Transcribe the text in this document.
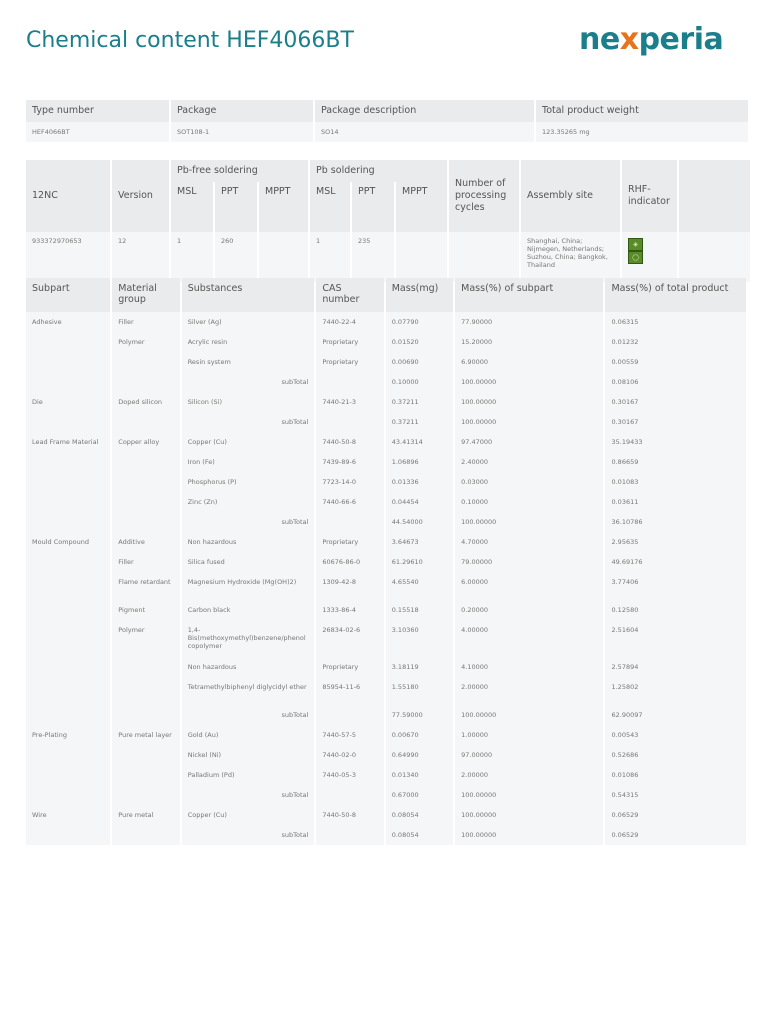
Chemical content HEF4066BT	nexperia
Type number	Package	Package description	Total product weight
HEF4066BT	SOT108-1	SO14	123.35265 mg
12NC	Version	Pb-free soldering			Pb soldering			Number of processing cycles	Assembly site	RHF-indicator	
		MSL	PPT	MPPT	MSL	PPT	MPPT				
933372970653	12	1	260		1	235			Shanghai, China; Nijmegen, Netherlands; Suzhou, China; Bangkok, Thailand	◈◯	
Subpart	Material group	Substances	CAS number	Mass(mg)	Mass(%) of subpart	Mass(%) of total product
Adhesive	Filler	Silver (Ag)	7440-22-4	0.07790	77.90000	0.06315
	Polymer	Acrylic resin	Proprietary	0.01520	15.20000	0.01232
		Resin system	Proprietary	0.00690	6.90000	0.00559
		subTotal		0.10000	100.00000	0.08106
Die	Doped silicon	Silicon (Si)	7440-21-3	0.37211	100.00000	0.30167
		subTotal		0.37211	100.00000	0.30167
Lead Frame Material	Copper alloy	Copper (Cu)	7440-50-8	43.41314	97.47000	35.19433
		Iron (Fe)	7439-89-6	1.06896	2.40000	0.86659
		Phosphorus (P)	7723-14-0	0.01336	0.03000	0.01083
		Zinc (Zn)	7440-66-6	0.04454	0.10000	0.03611
		subTotal		44.54000	100.00000	36.10786
Mould Compound	Additive	Non hazardous	Proprietary	3.64673	4.70000	2.95635
	Filler	Silica fused	60676-86-0	61.29610	79.00000	49.69176
	Flame retardant	Magnesium Hydroxide (Mg(OH)2)	1309-42-8	4.65540	6.00000	3.77406
	Pigment	Carbon black	1333-86-4	0.15518	0.20000	0.12580
	Polymer	1,4-Bis(methoxymethyl)benzene/phenol copolymer	26834-02-6	3.10360	4.00000	2.51604
		Non hazardous	Proprietary	3.18119	4.10000	2.57894
		Tetramethylbiphenyl diglycidyl ether	85954-11-6	1.55180	2.00000	1.25802
		subTotal		77.59000	100.00000	62.90097
Pre-Plating	Pure metal layer	Gold (Au)	7440-57-5	0.00670	1.00000	0.00543
		Nickel (Ni)	7440-02-0	0.64990	97.00000	0.52686
		Palladium (Pd)	7440-05-3	0.01340	2.00000	0.01086
		subTotal		0.67000	100.00000	0.54315
Wire	Pure metal	Copper (Cu)	7440-50-8	0.08054	100.00000	0.06529
		subTotal		0.08054	100.00000	0.06529
